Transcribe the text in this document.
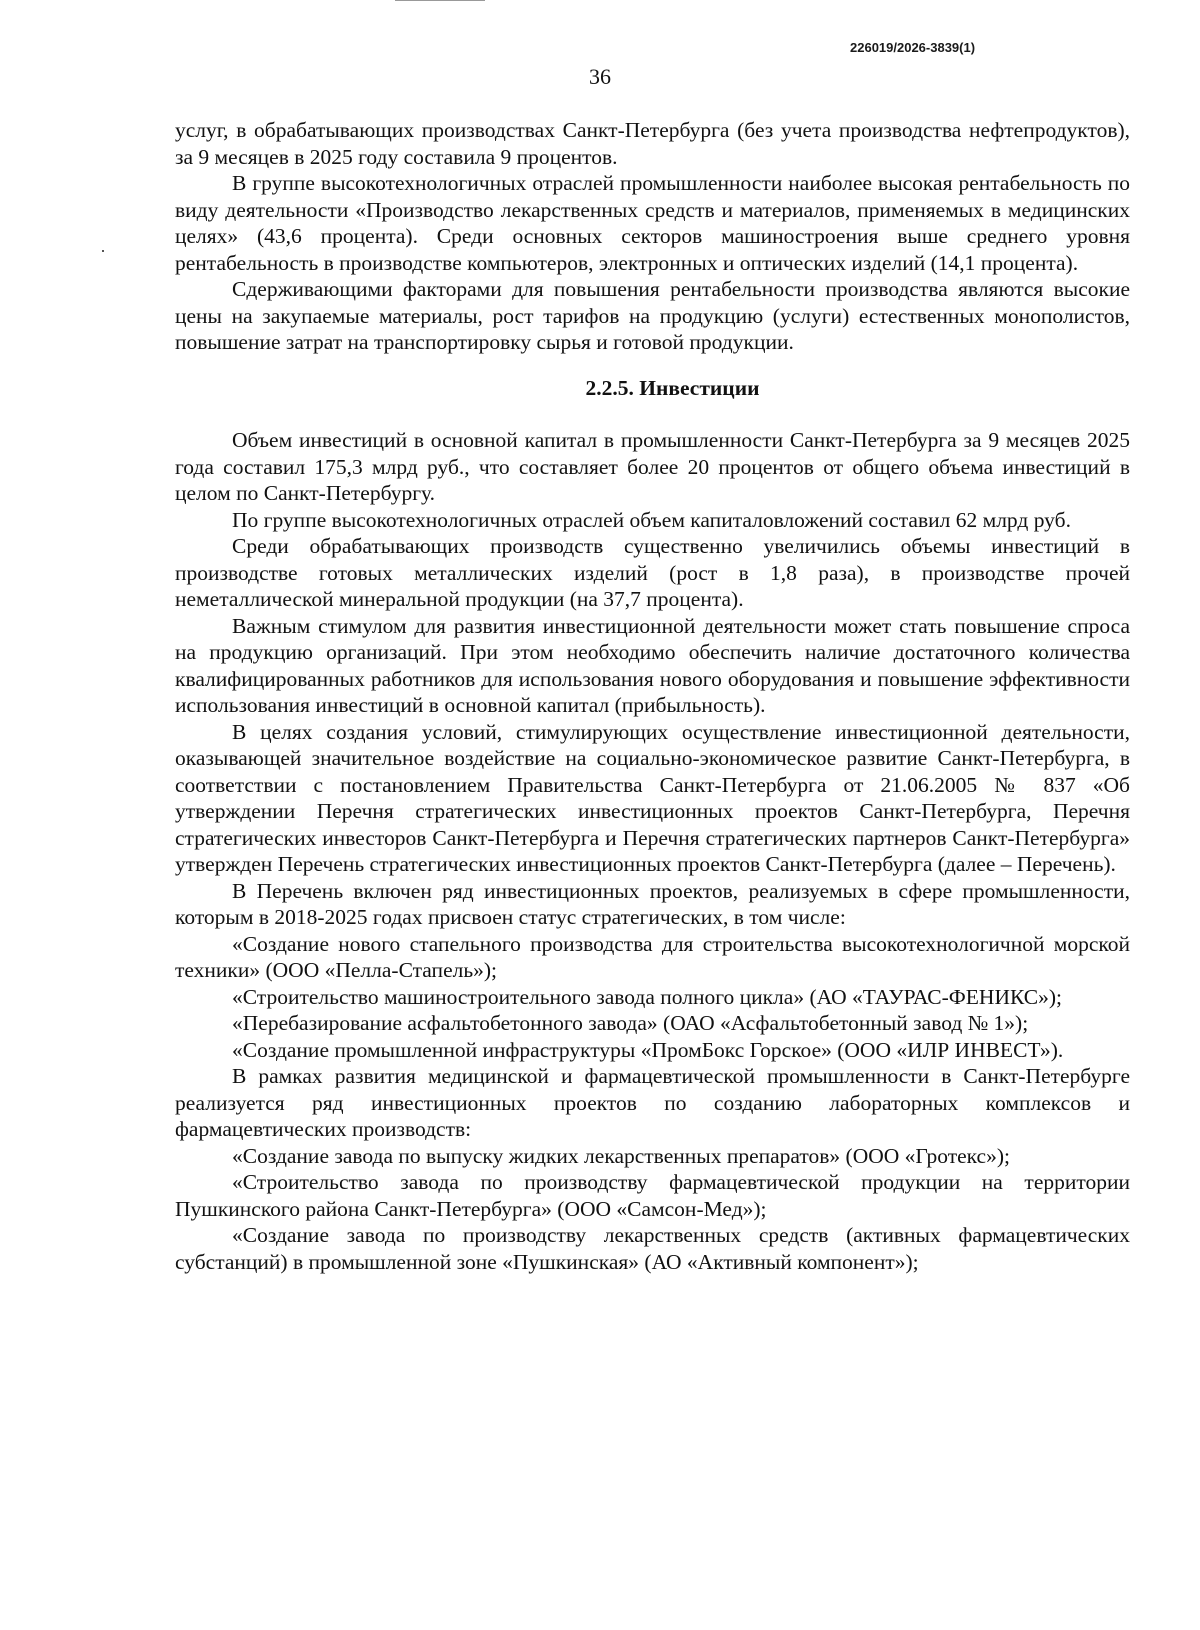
226019/2026-3839(1)
36

услуг, в обрабатывающих производствах Санкт-Петербурга (без учета производства нефтепродуктов), за 9 месяцев в 2025 году составила 9 процентов.

В группе высокотехнологичных отраслей промышленности наиболее высокая рентабельность по виду деятельности «Производство лекарственных средств и материалов, применяемых в медицинских целях» (43,6 процента). Среди основных секторов машиностроения выше среднего уровня рентабельность в производстве компьютеров, электронных и оптических изделий (14,1 процента).

Сдерживающими факторами для повышения рентабельности производства являются высокие цены на закупаемые материалы, рост тарифов на продукцию (услуги) естественных монополистов, повышение затрат на транспортировку сырья и готовой продукции.

2.2.5. Инвестиции

Объем инвестиций в основной капитал в промышленности Санкт-Петербурга за 9 месяцев 2025 года составил 175,3 млрд руб., что составляет более 20 процентов от общего объема инвестиций в целом по Санкт-Петербургу.

По группе высокотехнологичных отраслей объем капиталовложений составил 62 млрд руб.

Среди обрабатывающих производств существенно увеличились объемы инвестиций в производстве готовых металлических изделий (рост в 1,8 раза), в производстве прочей неметаллической минеральной продукции (на 37,7 процента).

Важным стимулом для развития инвестиционной деятельности может стать повышение спроса на продукцию организаций. При этом необходимо обеспечить наличие достаточного количества квалифицированных работников для использования нового оборудования и повышение эффективности использования инвестиций в основной капитал (прибыльность).

В целях создания условий, стимулирующих осуществление инвестиционной деятельности, оказывающей значительное воздействие на социально-экономическое развитие Санкт-Петербурга, в соответствии с постановлением Правительства Санкт-Петербурга от 21.06.2005 № 837 «Об утверждении Перечня стратегических инвестиционных проектов Санкт-Петербурга, Перечня стратегических инвесторов Санкт-Петербурга и Перечня стратегических партнеров Санкт-Петербурга» утвержден Перечень стратегических инвестиционных проектов Санкт-Петербурга (далее – Перечень).

В Перечень включен ряд инвестиционных проектов, реализуемых в сфере промышленности, которым в 2018-2025 годах присвоен статус стратегических, в том числе:

«Создание нового стапельного производства для строительства высокотехнологичной морской техники» (ООО «Пелла-Стапель»);

«Строительство машиностроительного завода полного цикла» (АО «ТАУРАС-ФЕНИКС»);

«Перебазирование асфальтобетонного завода» (ОАО «Асфальтобетонный завод № 1»);

«Создание промышленной инфраструктуры «ПромБокс Горское» (ООО «ИЛР ИНВЕСТ»).

В рамках развития медицинской и фармацевтической промышленности в Санкт-Петербурге реализуется ряд инвестиционных проектов по созданию лабораторных комплексов и фармацевтических производств:

«Создание завода по выпуску жидких лекарственных препаратов» (ООО «Гротекс»);

«Строительство завода по производству фармацевтической продукции на территории Пушкинского района Санкт-Петербурга» (ООО «Самсон-Мед»);

«Создание завода по производству лекарственных средств (активных фармацевтических субстанций) в промышленной зоне «Пушкинская» (АО «Активный компонент»);
